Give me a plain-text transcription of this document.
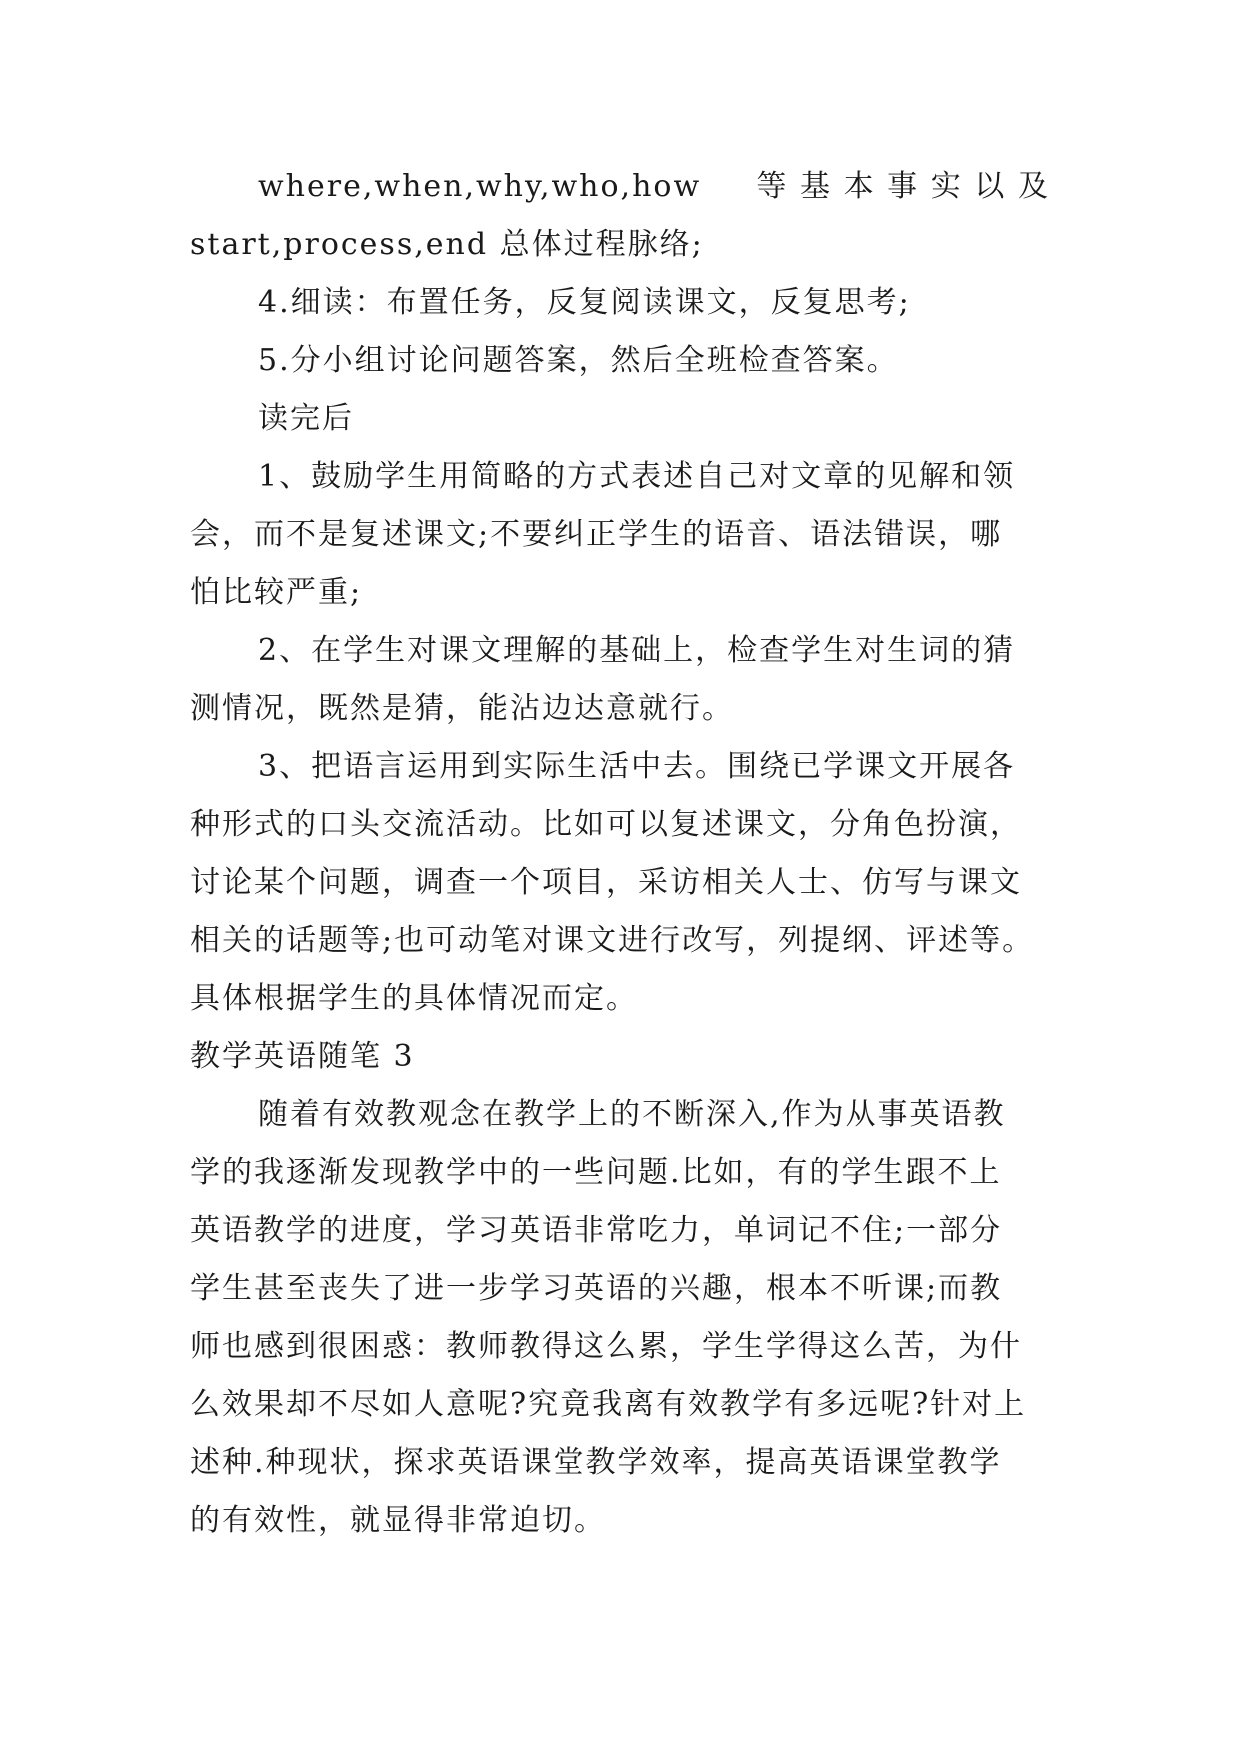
where,when,why,who,how　等基本事实以及
start,process,end 总体过程脉络;
4.细读：布置任务，反复阅读课文，反复思考;
5.分小组讨论问题答案，然后全班检查答案。
读完后
1、鼓励学生用简略的方式表述自己对文章的见解和领
会，而不是复述课文;不要纠正学生的语音、语法错误，哪
怕比较严重;
2、在学生对课文理解的基础上，检查学生对生词的猜
测情况，既然是猜，能沾边达意就行。
3、把语言运用到实际生活中去。围绕已学课文开展各
种形式的口头交流活动。比如可以复述课文，分角色扮演，
讨论某个问题，调查一个项目，采访相关人士、仿写与课文
相关的话题等;也可动笔对课文进行改写，列提纲、评述等。
具体根据学生的具体情况而定。
教学英语随笔 3
随着有效教观念在教学上的不断深入,作为从事英语教
学的我逐渐发现教学中的一些问题.比如，有的学生跟不上
英语教学的进度，学习英语非常吃力，单词记不住;一部分
学生甚至丧失了进一步学习英语的兴趣，根本不听课;而教
师也感到很困惑：教师教得这么累，学生学得这么苦，为什
么效果却不尽如人意呢?究竟我离有效教学有多远呢?针对上
述种.种现状，探求英语课堂教学效率，提高英语课堂教学
的有效性，就显得非常迫切。
